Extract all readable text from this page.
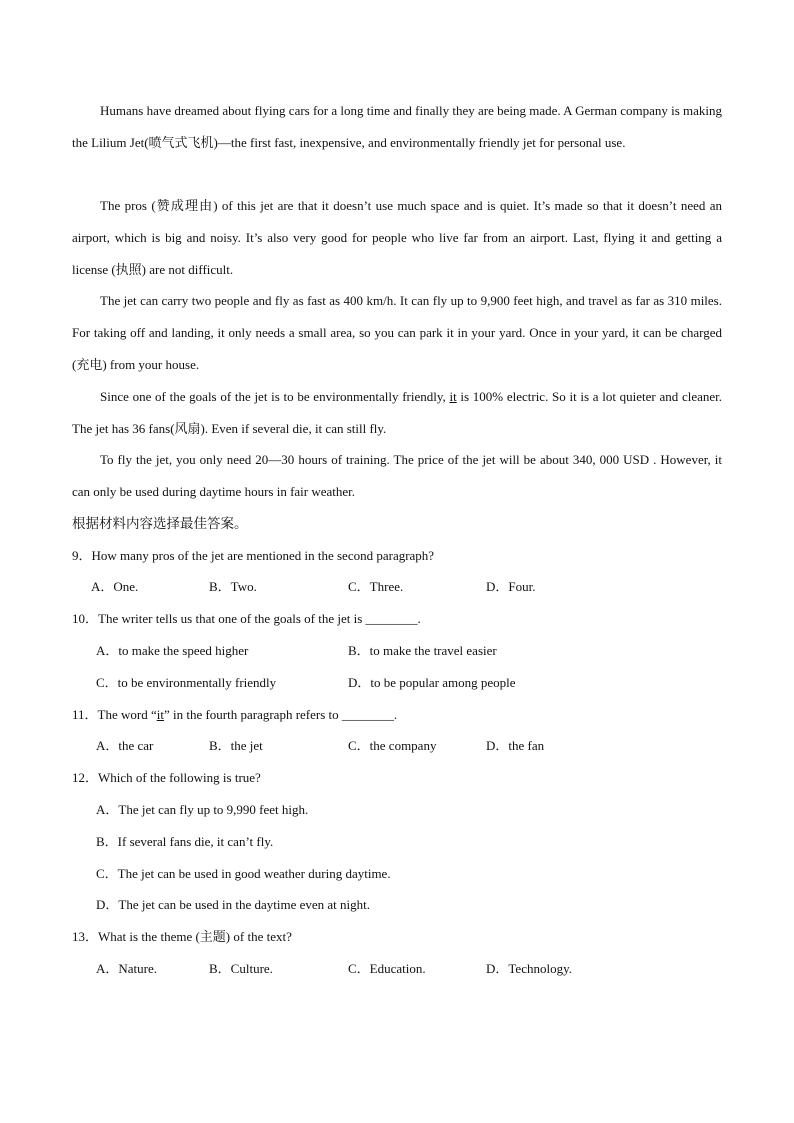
Humans have dreamed about flying cars for a long time and finally they are being made. A German company is making the Lilium Jet(喷气式飞机)—the first fast, inexpensive, and environmentally friendly jet for personal use.

The pros (赞成理由) of this jet are that it doesn’t use much space and is quiet. It’s made so that it doesn’t need an airport, which is big and noisy. It’s also very good for people who live far from an airport. Last, flying it and getting a license (执照) are not difficult.

The jet can carry two people and fly as fast as 400 km/h. It can fly up to 9,900 feet high, and travel as far as 310 miles. For taking off and landing, it only needs a small area, so you can park it in your yard. Once in your yard, it can be charged (充电) from your house.

Since one of the goals of the jet is to be environmentally friendly, it is 100% electric. So it is a lot quieter and cleaner. The jet has 36 fans(风扇). Even if several die, it can still fly.

To fly the jet, you only need 20—30 hours of training. The price of the jet will be about 340, 000 USD . However, it can only be used during daytime hours in fair weather.

根据材料内容选择最佳答案。
9．How many pros of the jet are mentioned in the second paragraph?
A．One.	B．Two.	C．Three.	D．Four.
10．The writer tells us that one of the goals of the jet is ________.
A．to make the speed higher	B．to make the travel easier
C．to be environmentally friendly	D．to be popular among people
11．The word “it” in the fourth paragraph refers to ________.
A．the car	B．the jet	C．the company	D．the fan
12．Which of the following is true?
A．The jet can fly up to 9,990 feet high.
B．If several fans die, it can’t fly.
C．The jet can be used in good weather during daytime.
D．The jet can be used in the daytime even at night.
13．What is the theme (主题) of the text?
A．Nature.	B．Culture.	C．Education.	D．Technology.
